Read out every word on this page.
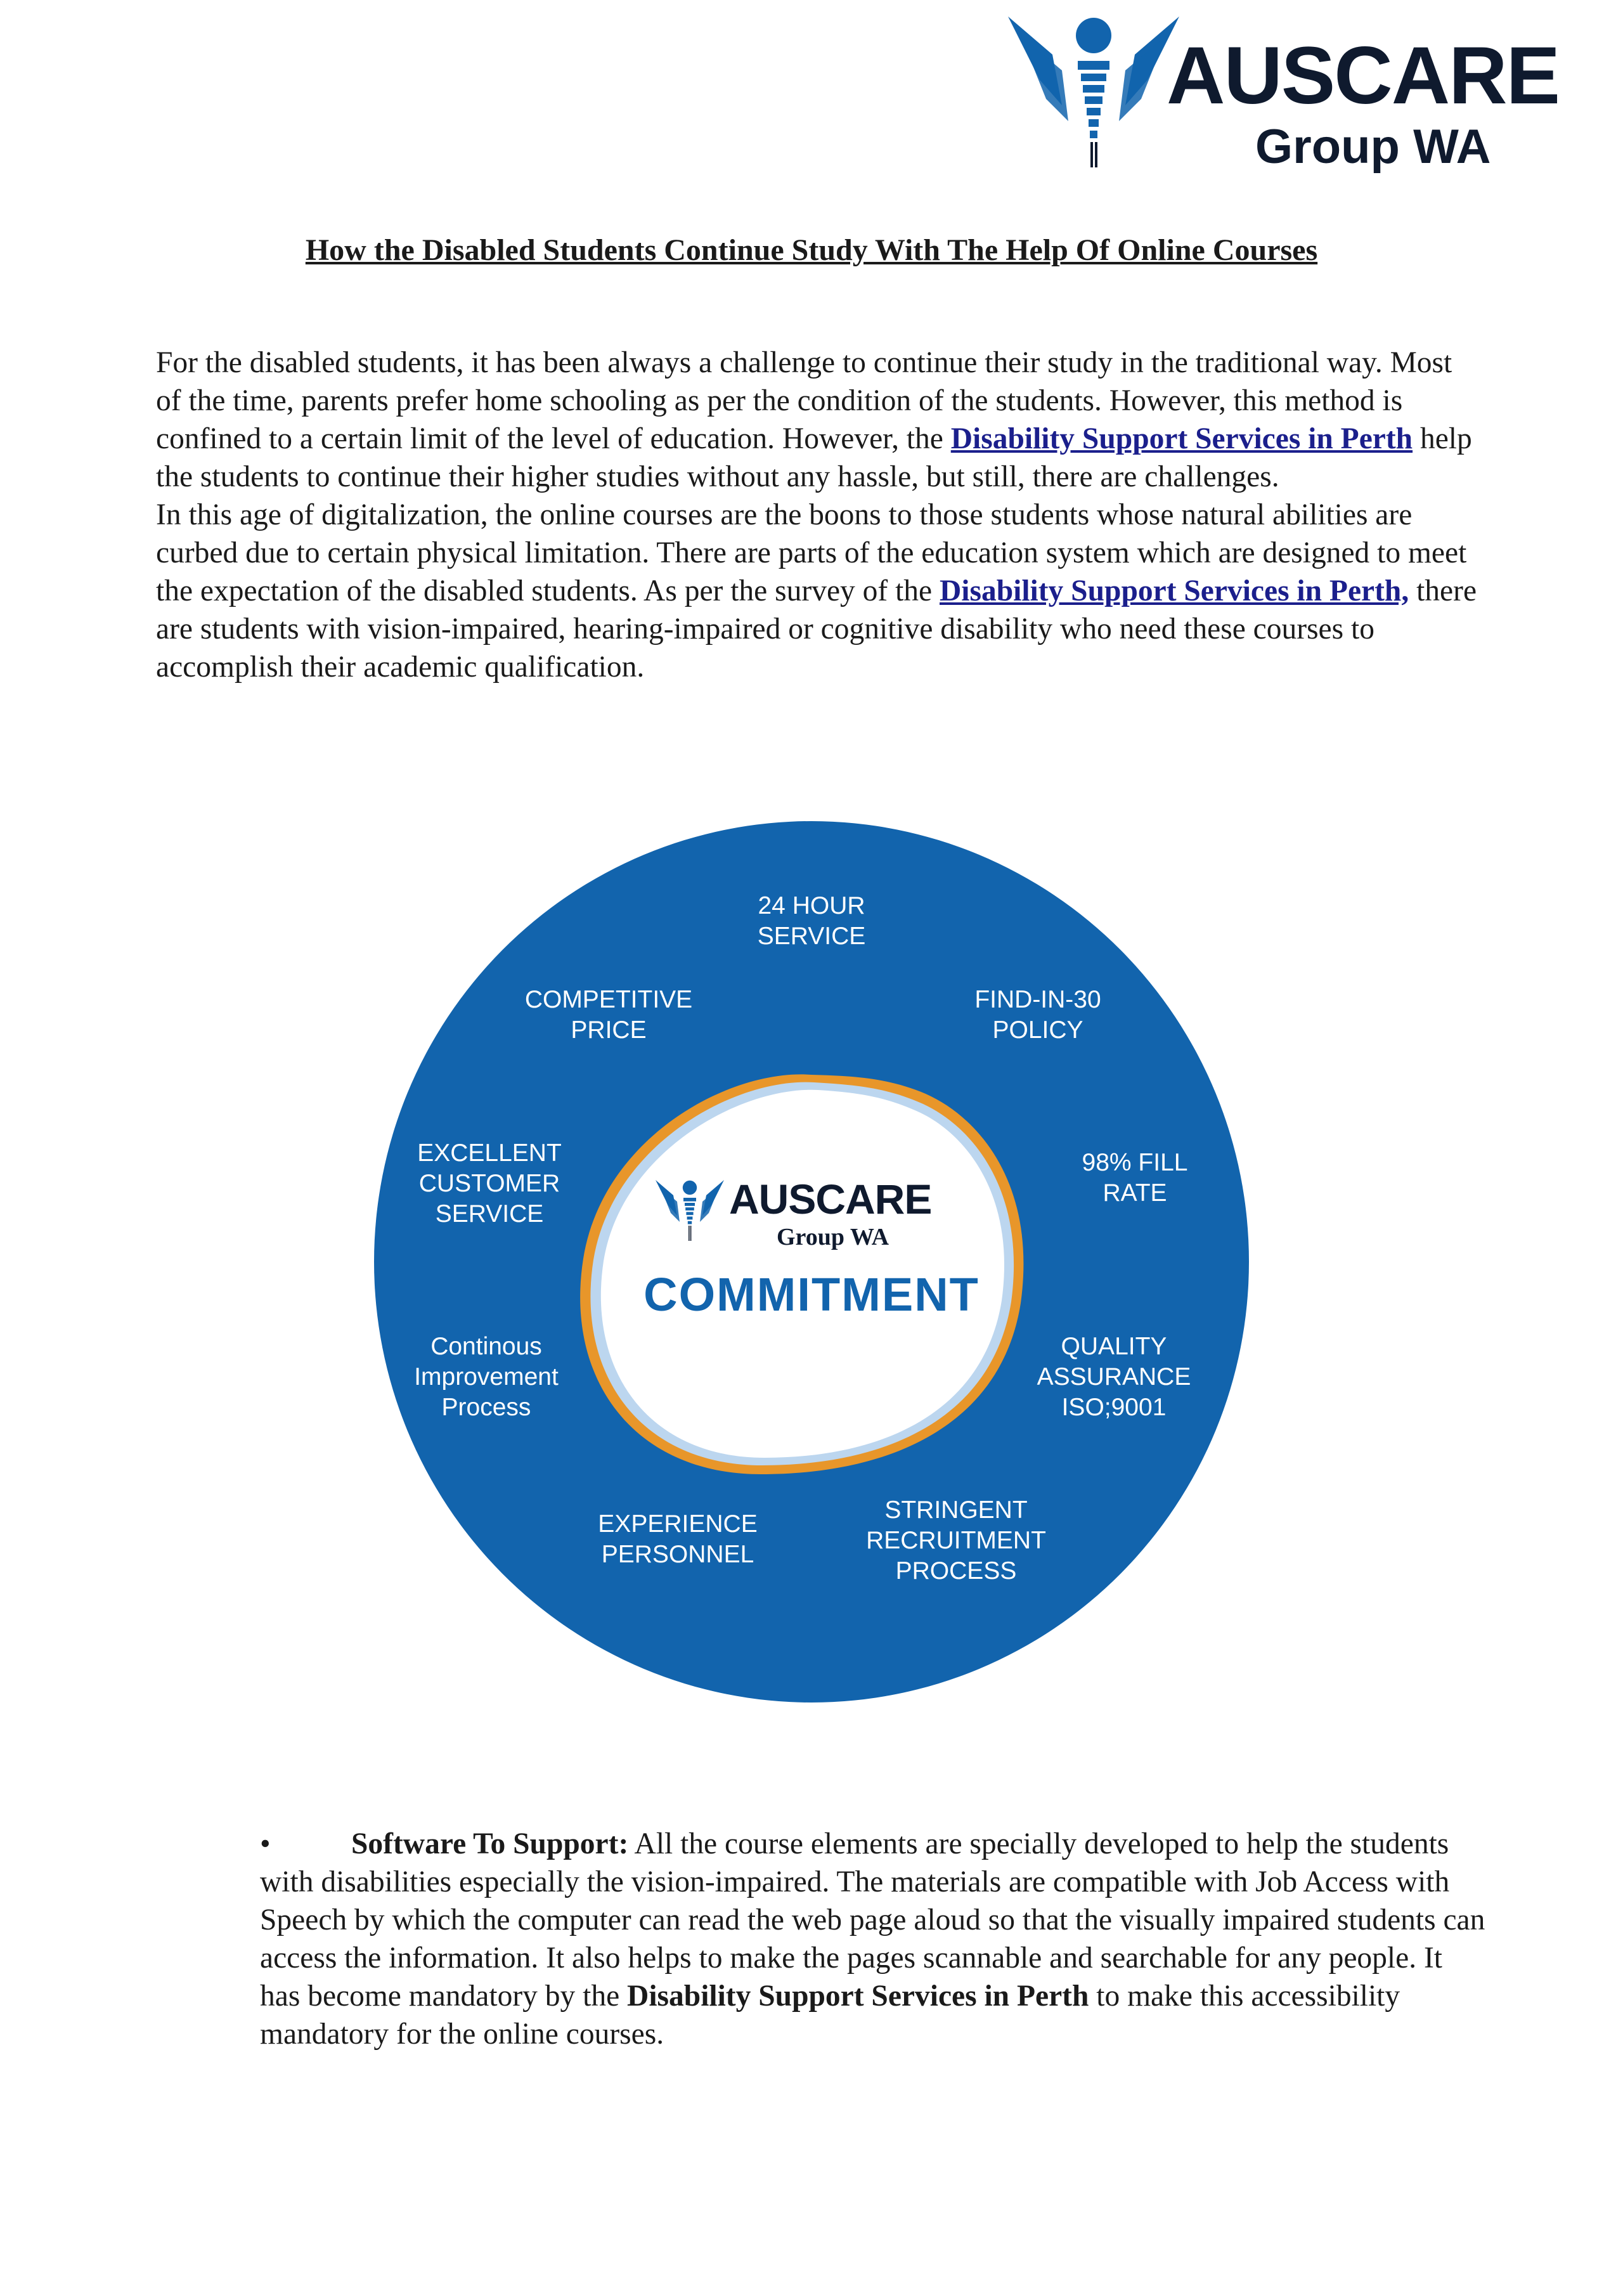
AUSCARE
Group WA
How the Disabled Students Continue Study With The Help Of Online Courses

For the disabled students, it has been always a challenge to continue their study in the traditional way. Most of the time, parents prefer home schooling as per the condition of the students. However, this method is confined to a certain limit of the level of education. However, the Disability Support Services in Perth help the students to continue their higher studies without any hassle, but still, there are challenges.

In this age of digitalization, the online courses are the boons to those students whose natural abilities are curbed due to certain physical limitation. There are parts of the education system which are designed to meet the expectation of the disabled students. As per the survey of the Disability Support Services in Perth, there are students with vision-impaired, hearing-impaired or cognitive disability who need these courses to accomplish their academic qualification.

24 HOUR
SERVICE
FIND-IN-30
POLICY
98% FILL
RATE
QUALITY
ASSURANCE
ISO;9001
STRINGENT
RECRUITMENT
PROCESS
EXPERIENCE
PERSONNEL
Continous
Improvement
Process
EXCELLENT
CUSTOMER
SERVICE
COMPETITIVE
PRICE
AUSCARE
Group WA
COMMITMENT
•	Software To Support: All the course elements are specially developed to help the students with disabilities especially the vision-impaired. The materials are compatible with Job Access with Speech by which the computer can read the web page aloud so that the visually impaired students can access the information. It also helps to make the pages scannable and searchable for any people. It has become mandatory by the Disability Support Services in Perth to make this accessibility mandatory for the online courses.
